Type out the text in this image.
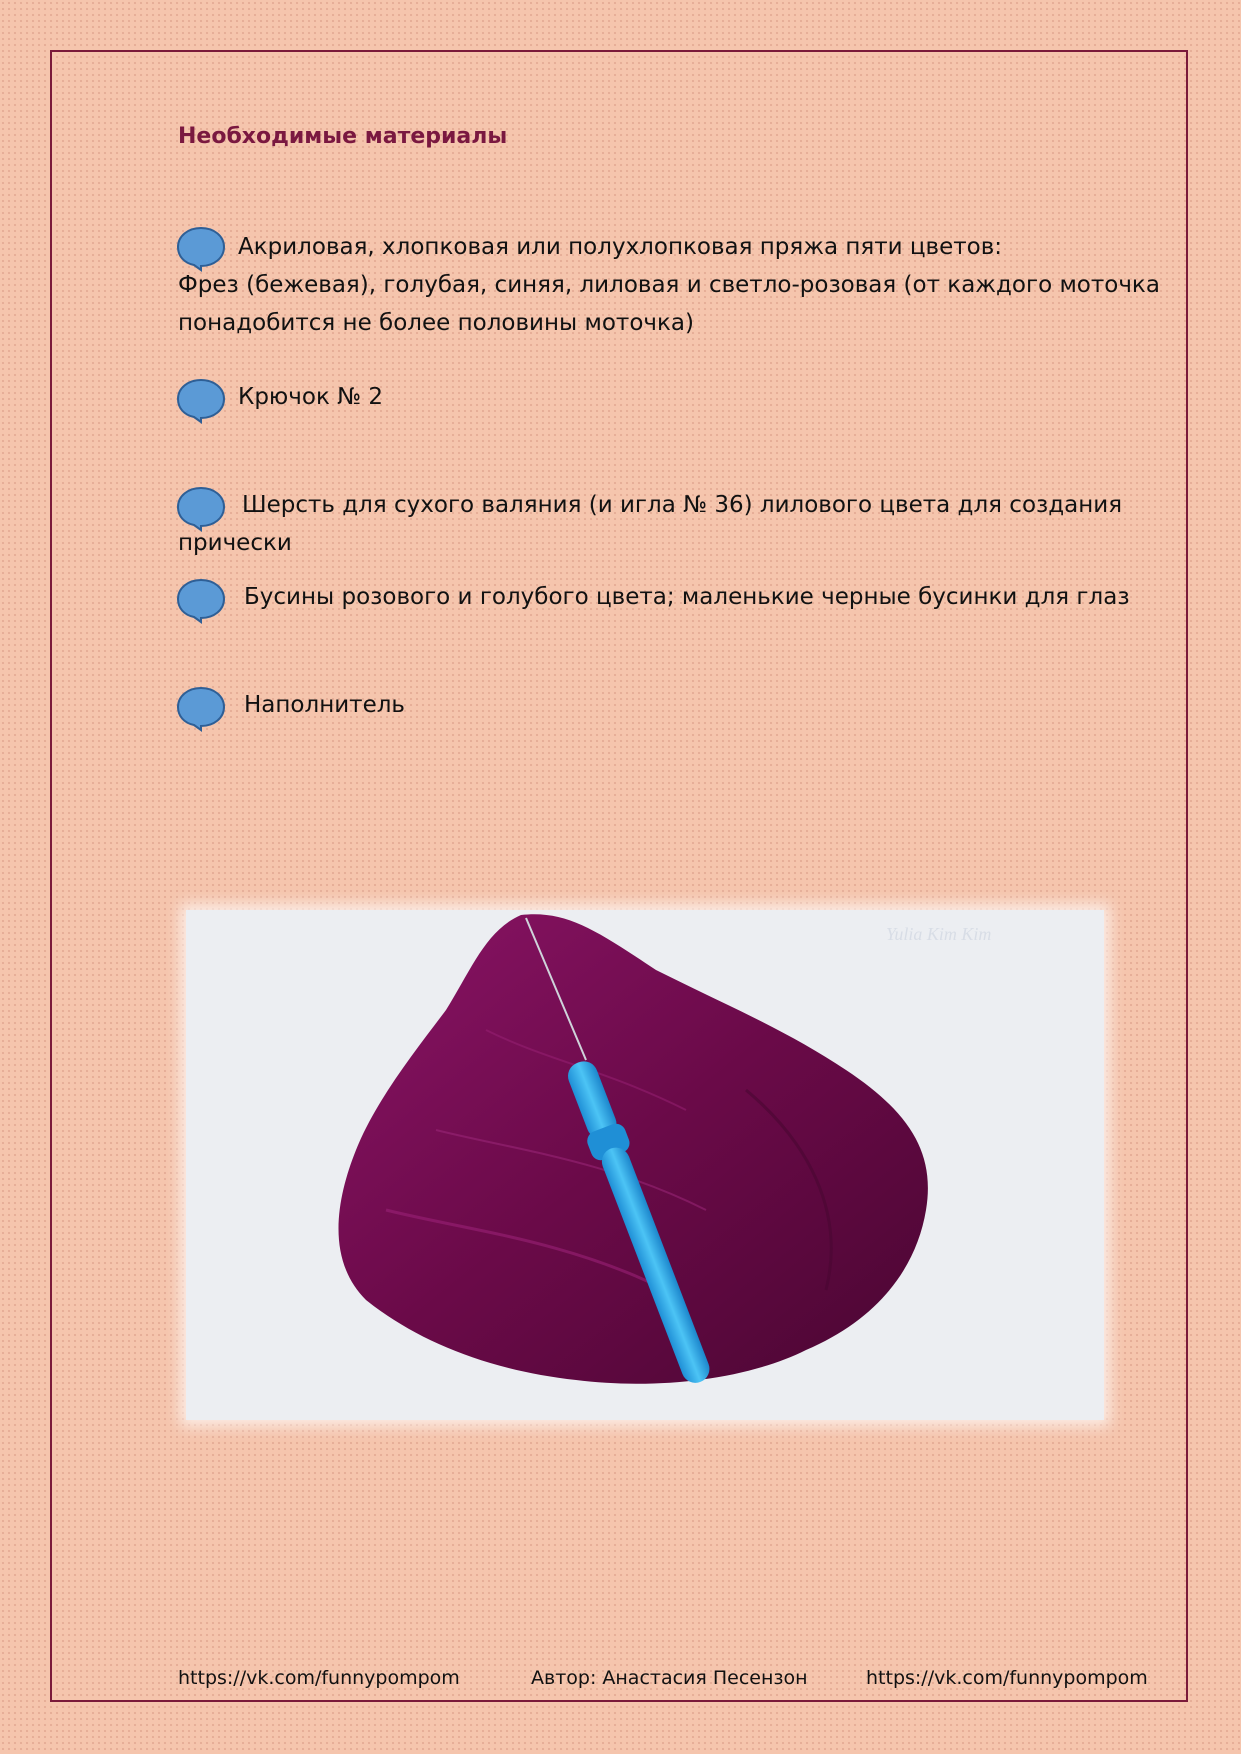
Необходимые материалы
Акриловая, хлопковая или полухлопковая пряжа пяти цветов:
Фрез (бежевая), голубая, синяя, лиловая и светло-розовая (от каждого моточка
понадобится не более половины моточка)
Крючок № 2
Шерсть для сухого валяния (и игла № 36) лилового цвета для создания
прически
Бусины розового и голубого цвета; маленькие черные бусинки для глаз
Наполнитель
Yulia Kim Kim
https://vk.com/funnypompom	Автор: Анастасия Песензон	https://vk.com/funnypompom
